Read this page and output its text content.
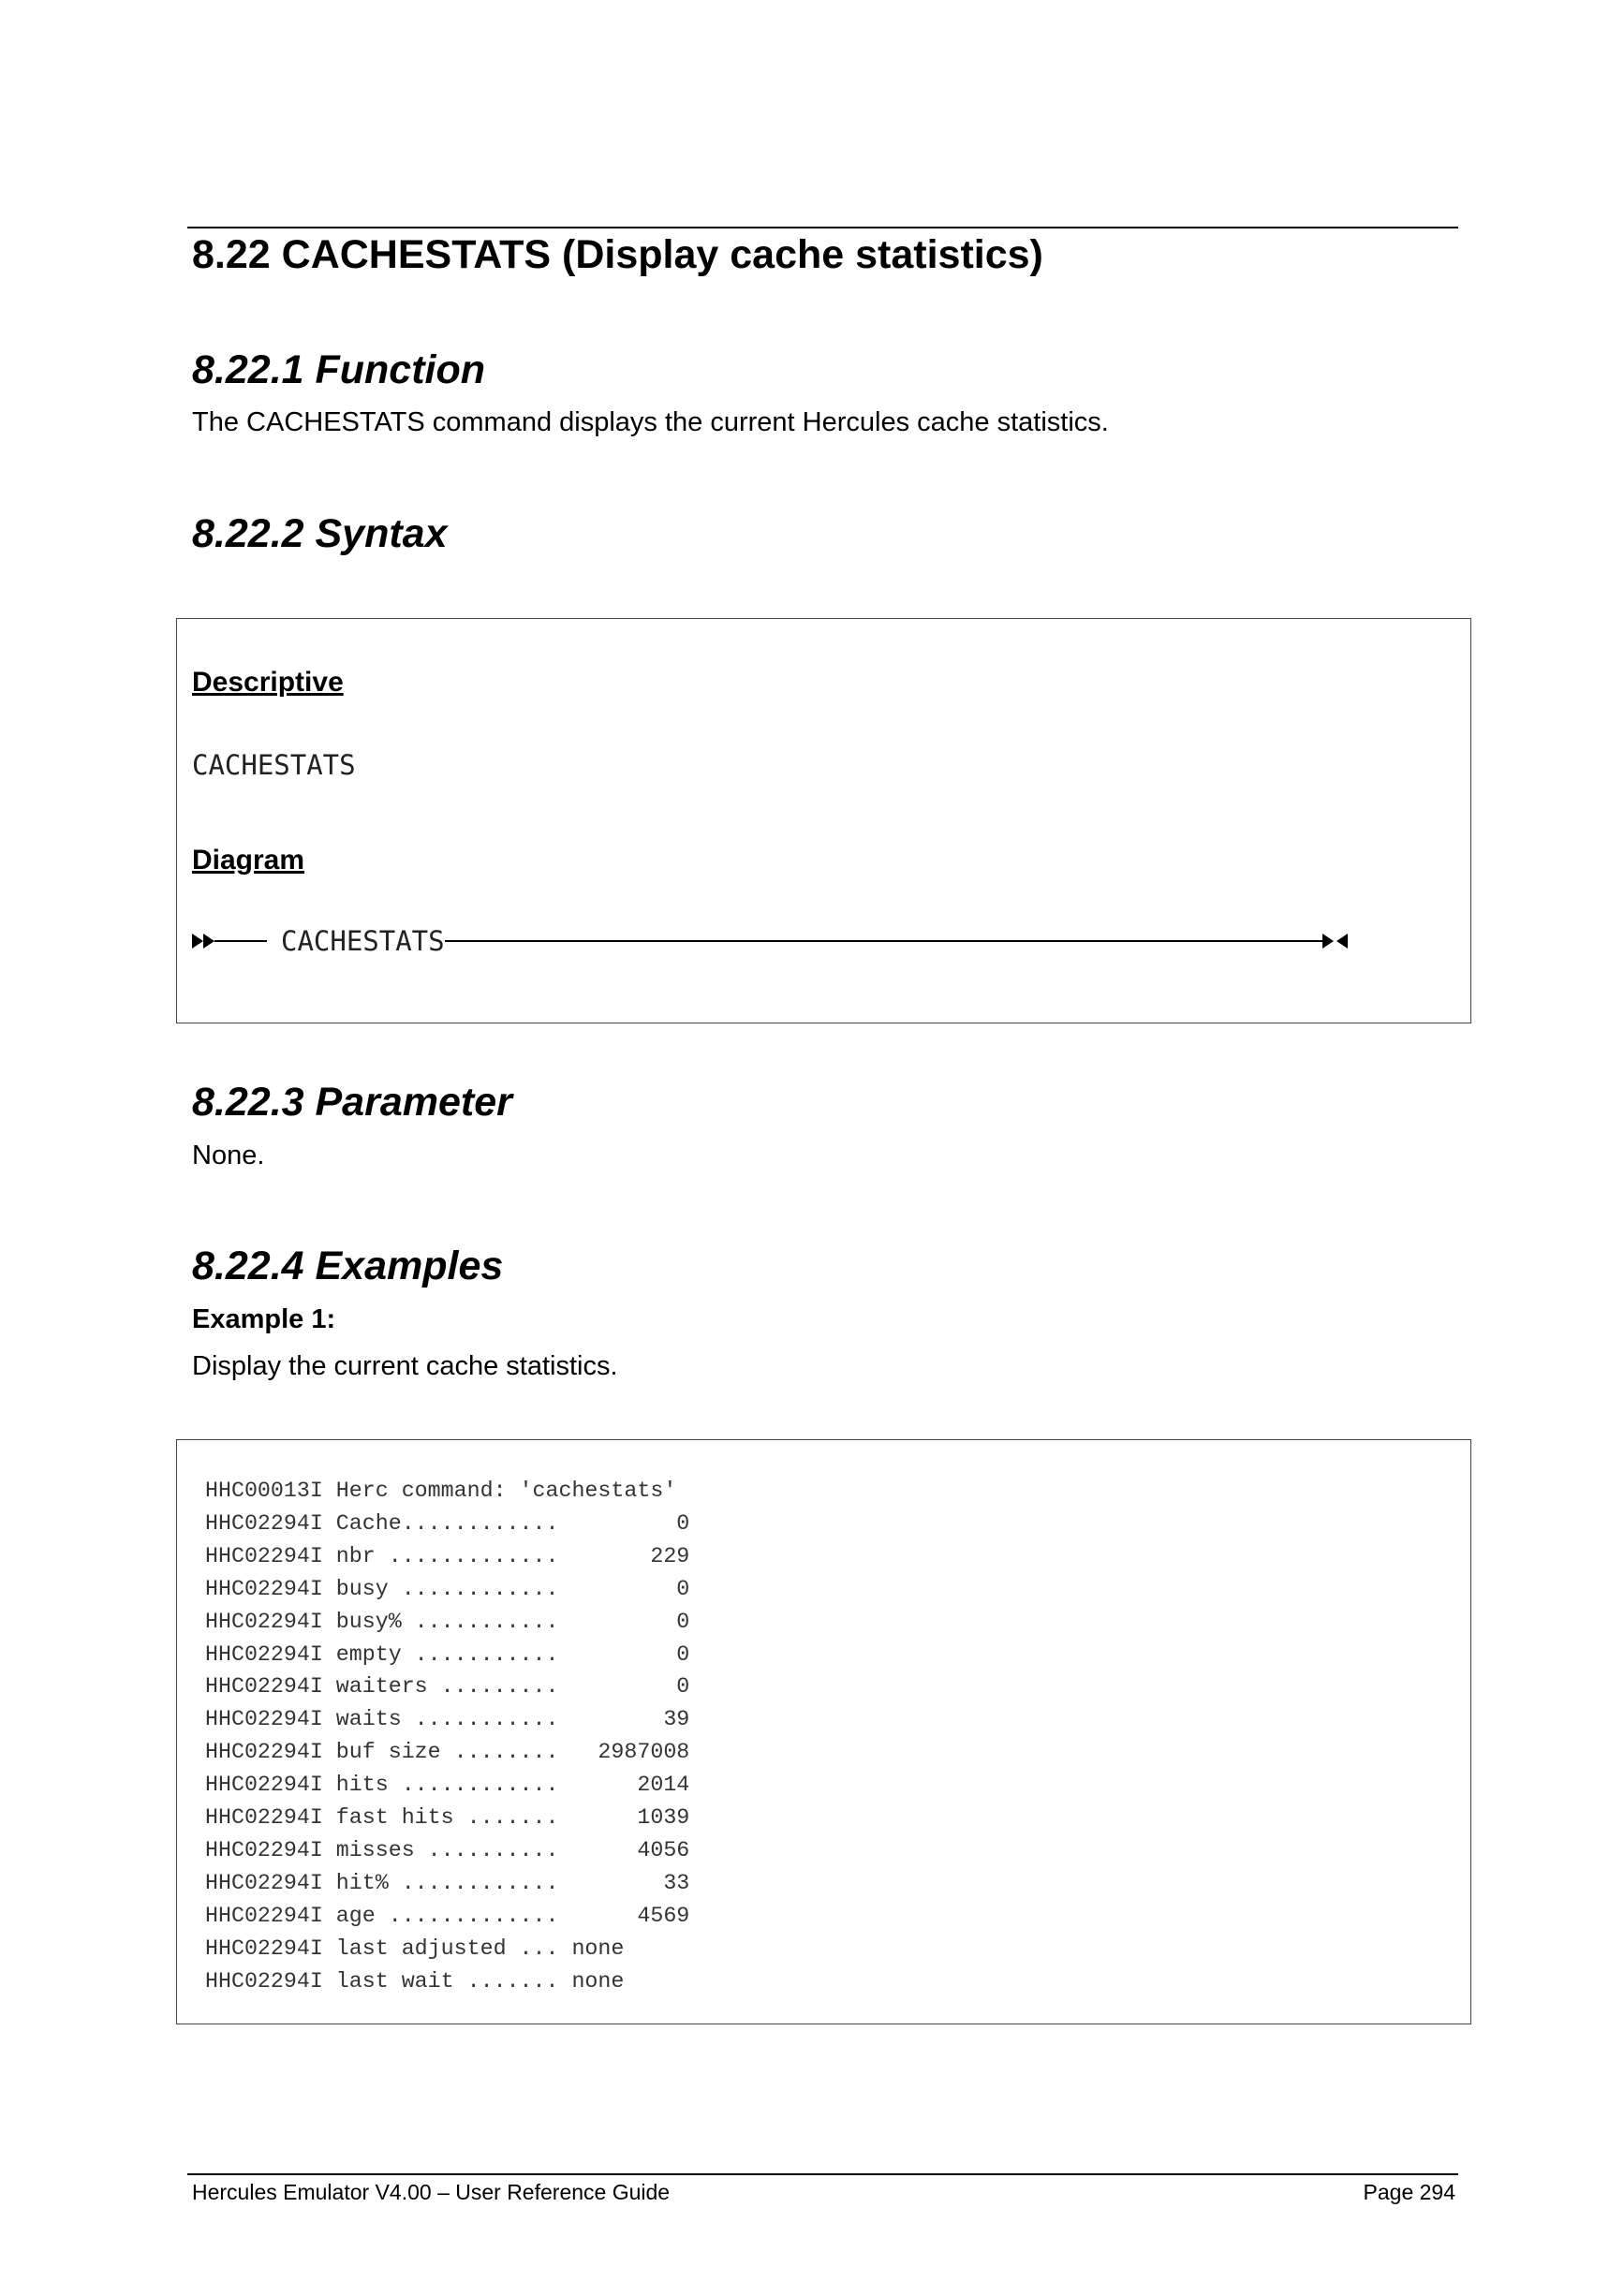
8.22 CACHESTATS (Display cache statistics)
8.22.1 Function

The CACHESTATS command displays the current Hercules cache statistics.

8.22.2 Syntax
Descriptive
CACHESTATS
Diagram
CACHESTATS
8.22.3 Parameter

None.

8.22.4 Examples

Example 1:

Display the current cache statistics.

HHC00013I Herc command: 'cachestats'
HHC02294I Cache............         0
HHC02294I nbr .............       229
HHC02294I busy ............         0
HHC02294I busy% ...........         0
HHC02294I empty ...........         0
HHC02294I waiters .........         0
HHC02294I waits ...........        39
HHC02294I buf size ........   2987008
HHC02294I hits ............      2014
HHC02294I fast hits .......      1039
HHC02294I misses ..........      4056
HHC02294I hit% ............        33
HHC02294I age .............      4569
HHC02294I last adjusted ... none
HHC02294I last wait ....... none
Hercules Emulator V4.00 – User Reference Guide	Page 294
